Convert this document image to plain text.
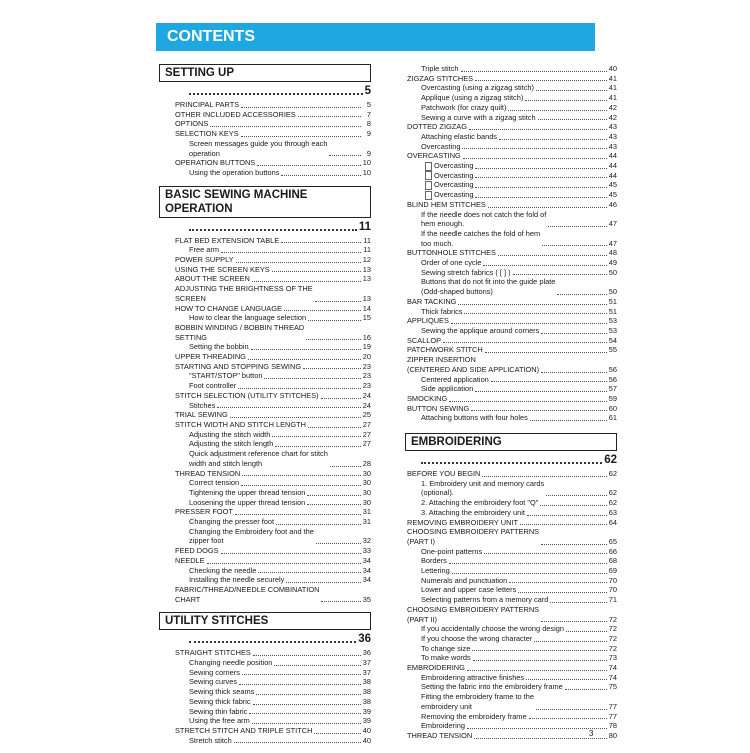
CONTENTS
SETTING UP
5
PRINCIPAL PARTS	5
OTHER INCLUDED ACCESSORIES	7
OPTIONS	8
SELECTION KEYS	9
Screen messages guide you through each
operation	9
OPERATION BUTTONS	10
Using the operation buttons	10
BASIC SEWING MACHINE
OPERATION
11
FLAT BED EXTENSION TABLE	11
Free arm	11
POWER SUPPLY	12
USING THE SCREEN KEYS	13
ABOUT THE SCREEN	13
ADJUSTING THE BRIGHTNESS OF THE
SCREEN	13
HOW TO CHANGE LANGUAGE	14
How to clear the language selection	15
BOBBIN WINDING / BOBBIN THREAD
SETTING	16
Setting the bobbin	19
UPPER THREADING	20
STARTING AND STOPPING SEWING	23
"START/STOP" button	23
Foot controller	23
STITCH SELECTION (UTILITY STITCHES)	24
Stitches	24
TRIAL SEWING	25
STITCH WIDTH AND STITCH LENGTH	27
Adjusting the stitch width	27
Adjusting the stitch length	27
Quick adjustment reference chart for stitch
width and stitch length	28
THREAD TENSION	30
Correct tension	30
Tightening the upper thread tension	30
Loosening the upper thread tension	30
PRESSER FOOT	31
Changing the presser foot	31
Changing the Embroidery foot and the
zipper foot	32
FEED DOGS	33
NEEDLE	34
Checking the needle	34
Installing the needle securely	34
FABRIC/THREAD/NEEDLE COMBINATION
CHART	35
UTILITY STITCHES
36
STRAIGHT STITCHES	36
Changing needle position	37
Sewing corners	37
Sewing curves	38
Sewing thick seams	38
Sewing thick fabric	38
Sewing thin fabric	39
Using the free arm	39
STRETCH STITCH AND TRIPLE STITCH	40
Stretch stitch	40
Triple stitch	40
ZIGZAG STITCHES	41
Overcasting (using a zigzag stitch)	41
Applique (using a zigzag stitch)	41
Patchwork (for crazy quilt)	42
Sewing a curve with a zigzag stitch	42
DOTTED ZIGZAG	43
Attaching elastic bands	43
Overcasting	43
OVERCASTING	44
Overcasting	44
Overcasting	44
Overcasting	45
Overcasting	45
BLIND HEM STITCHES	46
If the needle does not catch the fold of
hem enough.	47
If the needle catches the fold of hem
too much.	47
BUTTONHOLE STITCHES	48
Order of one cycle	49
Sewing stretch fabrics ( [ ] )	50
Buttons that do not fit into the guide plate
(Odd-shaped buttons)	50
BAR TACKING	51
Thick fabrics	51
APPLIQUES	53
Sewing the applique around corners	53
SCALLOP	54
PATCHWORK STITCH	55
ZIPPER INSERTION
(CENTERED AND SIDE APPLICATION)	56
Centered application	56
Side application	57
SMOCKING	59
BUTTON SEWING	60
Attaching buttons with four holes	61
EMBROIDERING
62
BEFORE YOU BEGIN	62
1. Embroidery unit and memory cards
(optional).	62
2. Attaching the embroidery foot "Q"	62
3. Attaching the embroidery unit	63
REMOVING EMBROIDERY UNIT	64
CHOOSING EMBROIDERY PATTERNS
(PART I)	65
One-point patterns	66
Borders	68
Lettering	69
Numerals and punctuation	70
Lower and upper case letters	70
Selecting patterns from a memory card	71
CHOOSING EMBROIDERY PATTERNS
(PART II)	72
If you accidentally choose the wrong design	72
If you choose the wrong character	72
To change size	72
To make words	73
EMBROIDERING	74
Embroidering attractive finishes	74
Setting the fabric into the embroidery frame	75
Fitting the embroidery frame to the
embroidery unit	77
Removing the embroidery frame	77
Embroidering	78
THREAD TENSION	80
3
